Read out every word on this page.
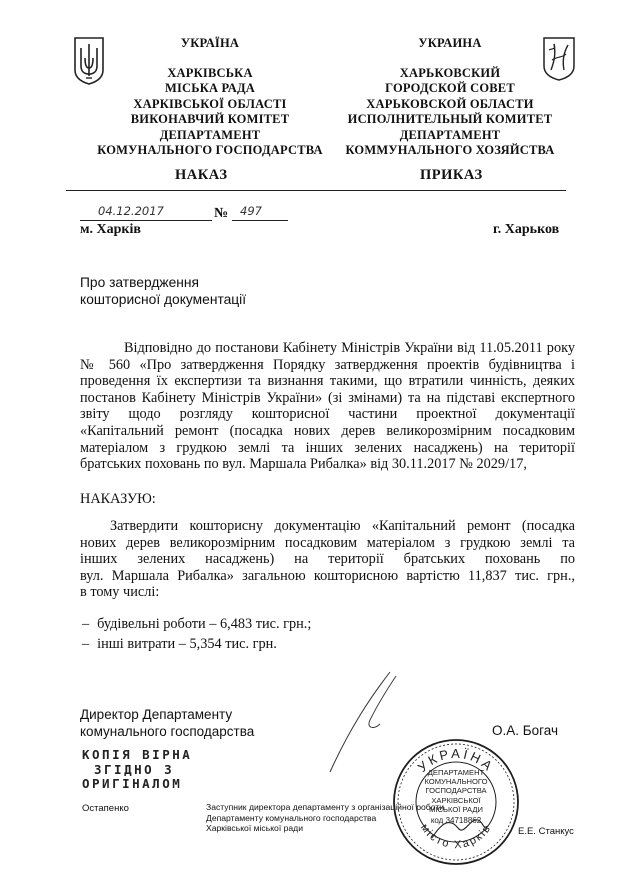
УКРАЇНА
ХАРКІВСЬКА
МІСЬКА РАДА
ХАРКІВСЬКОЇ ОБЛАСТІ
ВИКОНАВЧИЙ КОМІТЕТ
ДЕПАРТАМЕНТ
КОМУНАЛЬНОГО ГОСПОДАРСТВА
УКРАИНА
ХАРЬКОВСКИЙ
ГОРОДСКОЙ СОВЕТ
ХАРЬКОВСКОЙ ОБЛАСТИ
ИСПОЛНИТЕЛЬНЫЙ КОМИТЕТ
ДЕПАРТАМЕНТ
КОММУНАЛЬНОГО ХОЗЯЙСТВА
НАКАЗ	ПРИКАЗ
04.12.2017	№ 497
м. Харків	г. Харьков
Про затвердження
кошторисної документації
Відповідно до постанови Кабінету Міністрів України від 11.05.2011 року
№ 560 «Про затвердження Порядку затвердження проектів будівництва і
проведення їх експертизи та визнання такими, що втратили чинність, деяких
постанов Кабінету Міністрів України» (зі змінами) та на підставі експертного
звіту щодо розгляду кошторисної частини проектної документації
«Капітальний ремонт (посадка нових дерев великорозмірним посадковим
матеріалом з грудкою землі та інших зелених насаджень) на території
братських поховань по вул. Маршала Рибалка» від 30.11.2017 № 2029/17,
НАКАЗУЮ:
Затвердити кошторисну документацію «Капітальний ремонт (посадка
нових дерев великорозмірним посадковим матеріалом з грудкою землі та
інших зелених насаджень) на території братських поховань по
вул. Маршала Рибалка» загальною кошторисною вартістю 11,837 тис. грн.,
в тому числі:
– будівельні роботи – 6,483 тис. грн.;
– інші витрати – 5,354 тис. грн.
Директор Департаменту
комунального господарства	О.А. Богач
КОПІЯ ВІРНА
ЗГІДНО З
ОРИГІНАЛОМ
Остапенко	Заступник директора департаменту з організаційної роботи
Департаменту комунального господарства
Харківської міської ради	Е.Е. Станкус
УКРАЇНА
місто Харків
ДЕПАРТАМЕНТ
КОМУНАЛЬНОГО
ГОСПОДАРСТВА
ХАРКІВСЬКОЇ
МІСЬКОЇ РАДИ
код 34718862
